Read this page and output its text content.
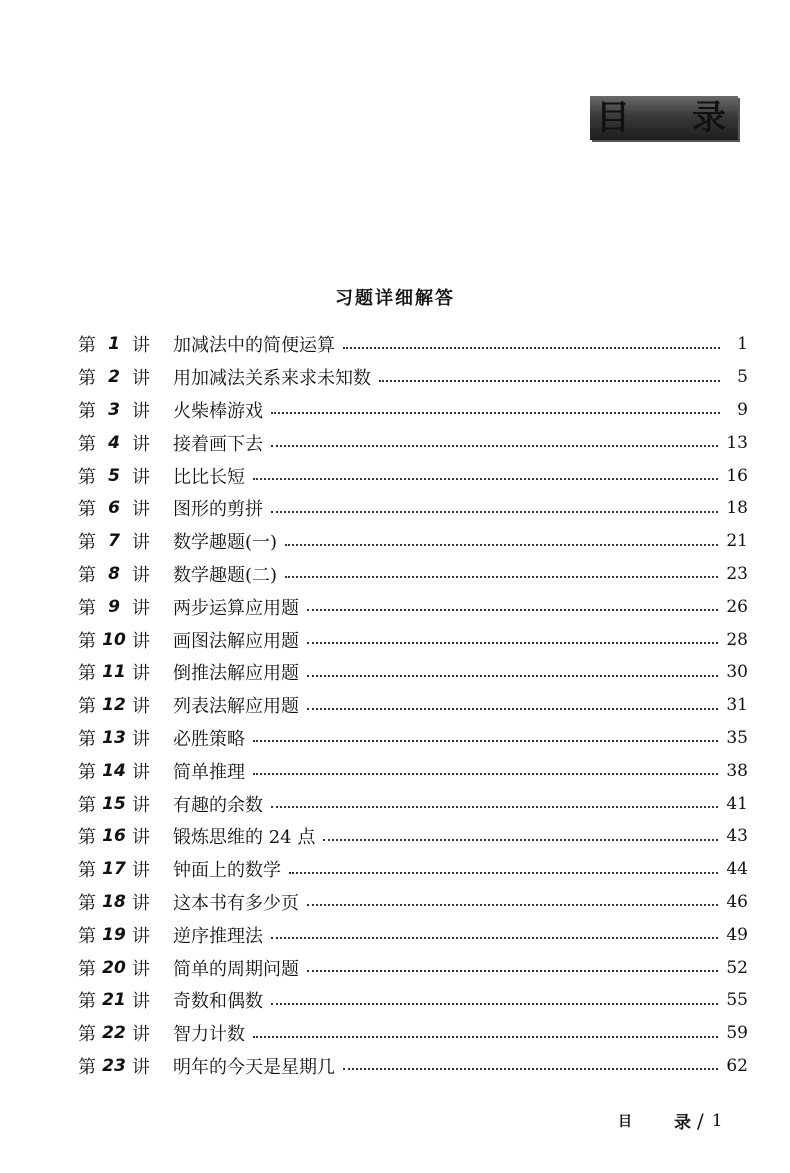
目 录
习题详细解答
第 1 讲 加减法中的简便运算	1
第 2 讲 用加减法关系来求未知数	5
第 3 讲 火柴棒游戏	9
第 4 讲 接着画下去	13
第 5 讲 比比长短	16
第 6 讲 图形的剪拼	18
第 7 讲 数学趣题(一)	21
第 8 讲 数学趣题(二)	23
第 9 讲 两步运算应用题	26
第 10 讲 画图法解应用题	28
第 11 讲 倒推法解应用题	30
第 12 讲 列表法解应用题	31
第 13 讲 必胜策略	35
第 14 讲 简单推理	38
第 15 讲 有趣的余数	41
第 16 讲 锻炼思维的 24 点	43
第 17 讲 钟面上的数学	44
第 18 讲 这本书有多少页	46
第 19 讲 逆序推理法	49
第 20 讲 简单的周期问题	52
第 21 讲 奇数和偶数	55
第 22 讲 智力计数	59
第 23 讲 明年的今天是星期几	62
目 录 / 1
